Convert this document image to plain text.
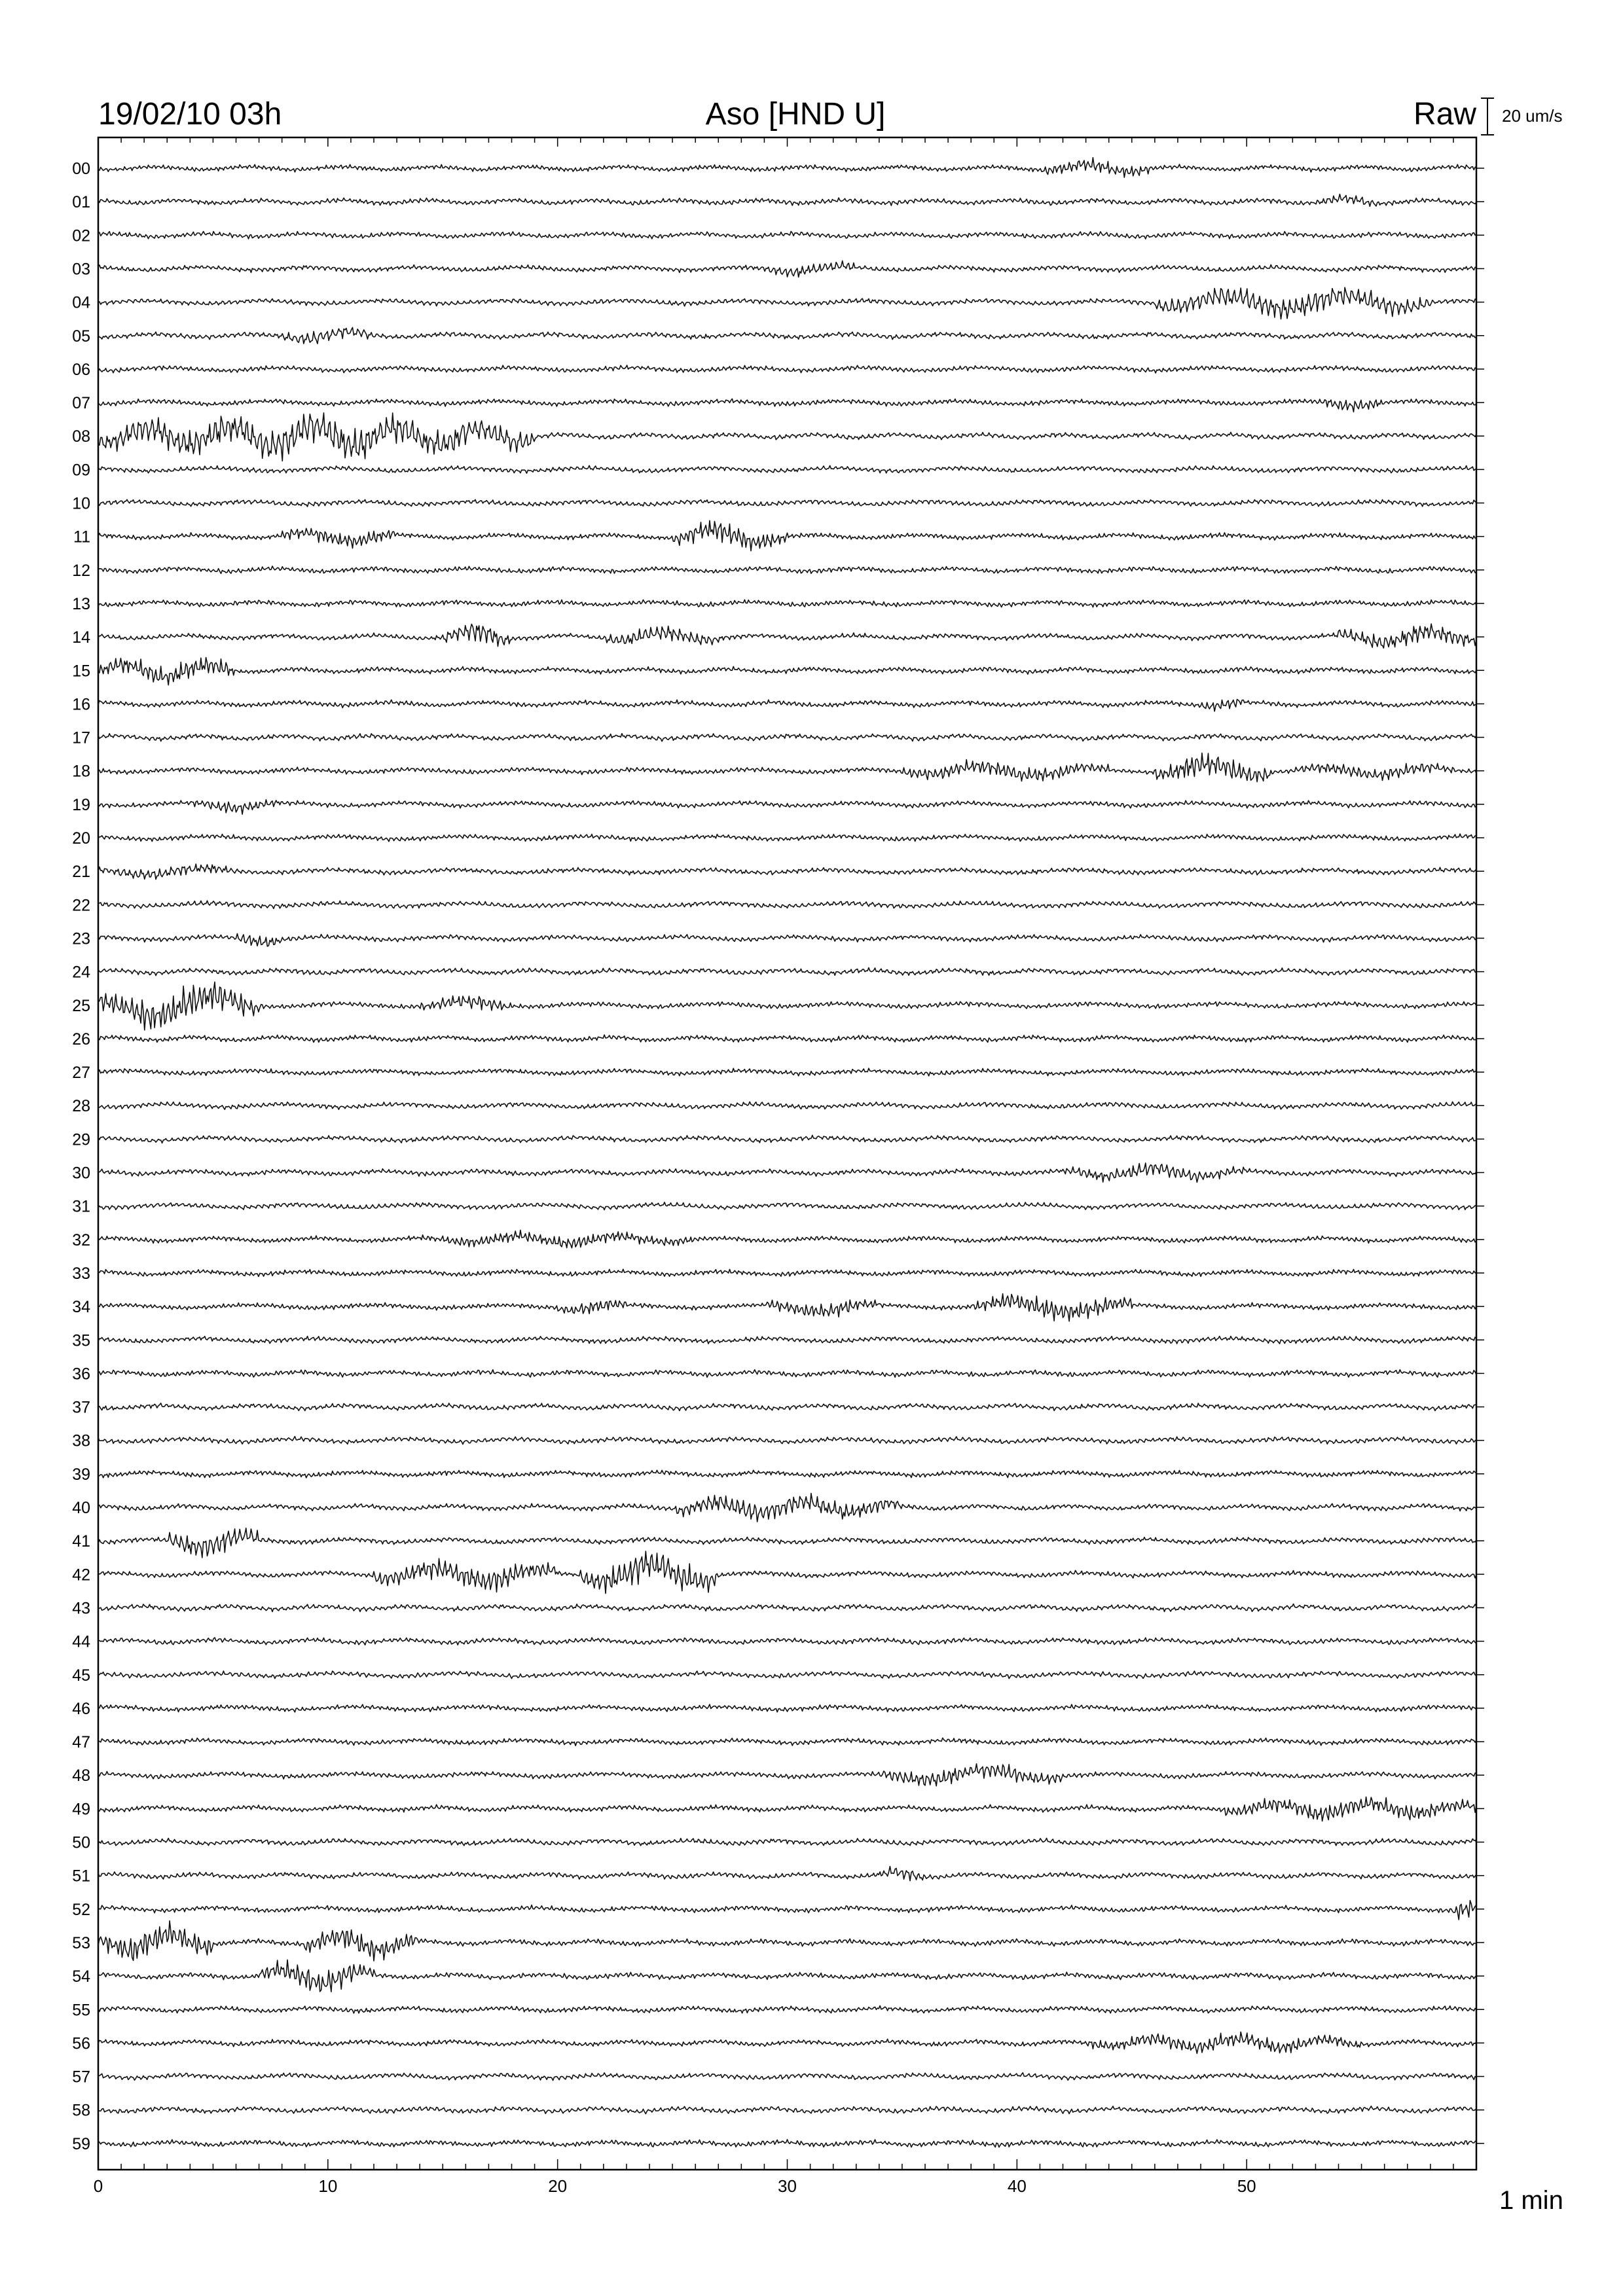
19/02/10 03h	Aso [HND U]	Raw 20 um/s
00
01
02
03
04
05
06
07
08
09
10
11
12
13
14
15
16
17
18
19
20
21
22
23
24
25
26
27
28
29
30
31
32
33
34
35
36
37
38
39
40
41
42
43
44
45
46
47
48
49
50
51
52
53
54
55
56
57
58
59
0	10	20	30	40	50	1 min
